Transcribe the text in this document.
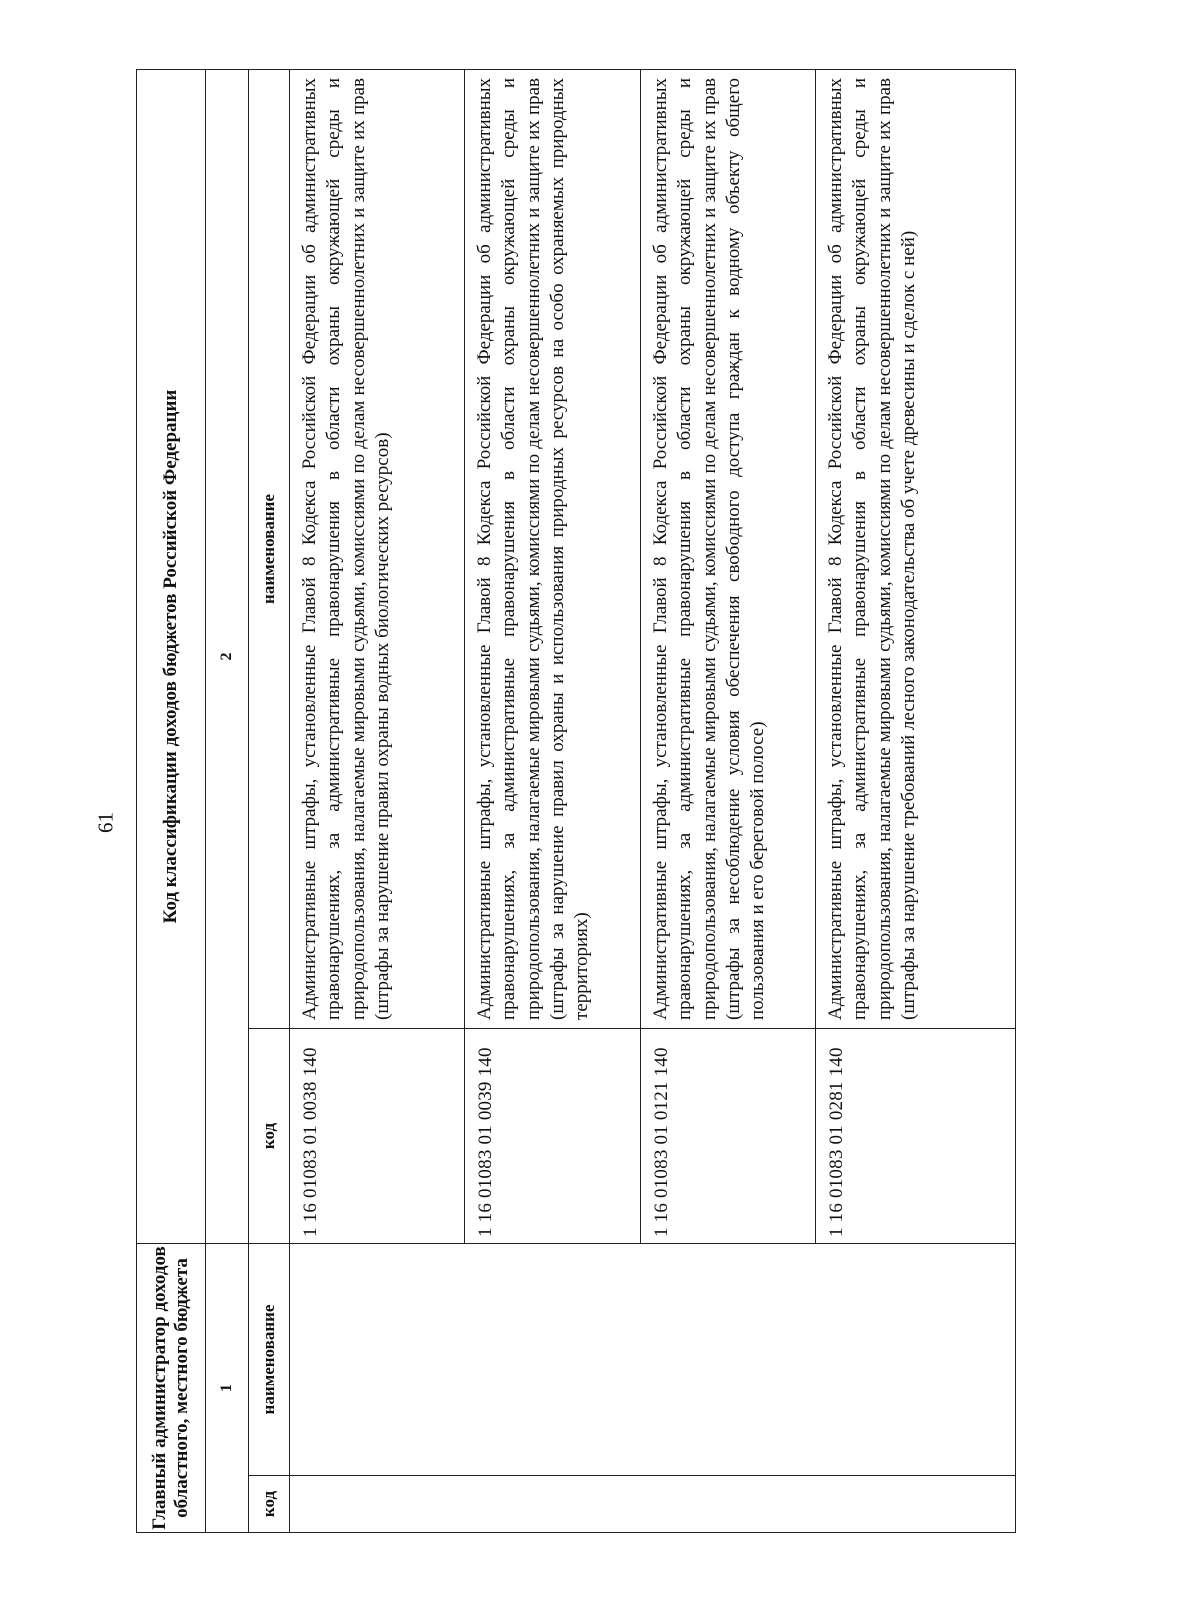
61
Главный администратор доходов областного, местного бюджета		Код классификации доходов бюджетов Российской Федерации	
1		2	
код	наименование	код	наименование
		1 16 01083 01 0038 140	Административные штрафы, установленные Главой 8 Кодекса Российской Федерации об административных правонарушениях, за административные правонарушения в области охраны окружающей среды и природопользования, налагаемые мировыми судьями, комиссиями по делам несовершеннолетних и защите их прав (штрафы за нарушение правил охраны водных биологических ресурсов)
		1 16 01083 01 0039 140	Административные штрафы, установленные Главой 8 Кодекса Российской Федерации об административных правонарушениях, за административные правонарушения в области охраны окружающей среды и природопользования, налагаемые мировыми судьями, комиссиями по делам несовершеннолетних и защите их прав (штрафы за нарушение правил охраны и использования природных ресурсов на особо охраняемых природных территориях)
		1 16 01083 01 0121 140	Административные штрафы, установленные Главой 8 Кодекса Российской Федерации об административных правонарушениях, за административные правонарушения в области охраны окружающей среды и природопользования, налагаемые мировыми судьями, комиссиями по делам несовершеннолетних и защите их прав (штрафы за несоблюдение условия обеспечения свободного доступа граждан к водному объекту общего пользования и его береговой полосе)
		1 16 01083 01 0281 140	Административные штрафы, установленные Главой 8 Кодекса Российской Федерации об административных правонарушениях, за административные правонарушения в области охраны окружающей среды и природопользования, налагаемые мировыми судьями, комиссиями по делам несовершеннолетних и защите их прав (штрафы за нарушение требований лесного законодательства об учете древесины и сделок с ней)
